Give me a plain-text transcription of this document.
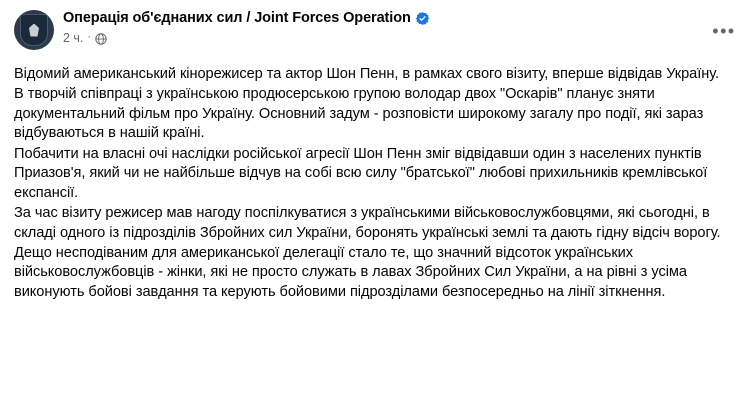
Операція об'єднаних сил / Joint Forces Operation
2 ч. ·	•••

Відомий американський кінорежисер та актор Шон Пенн, в рамках свого візиту, вперше відвідав Україну.

В творчій співпраці з українською продюсерською групою володар двох "Оскарів" планує зняти документальний фільм про Україну. Основний задум - розповісти широкому загалу про події, які зараз відбуваються в нашій країні.

Побачити на власні очі наслідки російської агресії Шон Пенн зміг відвідавши один з населених пунктів Приазов'я, який чи не найбільше відчув на собі всю силу "братської" любові прихильників кремлівської експансії.

За час візиту режисер мав нагоду поспілкуватися з українськими військовослужбовцями, які сьогодні, в складі одного із підрозділів Збройних сил України, боронять українські землі та дають гідну відсіч ворогу.

Дещо несподіваним для американської делегації стало те, що значний відсоток українських військовослужбовців - жінки, які не просто служать в лавах Збройних Сил України, а на рівні з усіма виконують бойові завдання та керують бойовими підрозділами безпосередньо на лінії зіткнення.
